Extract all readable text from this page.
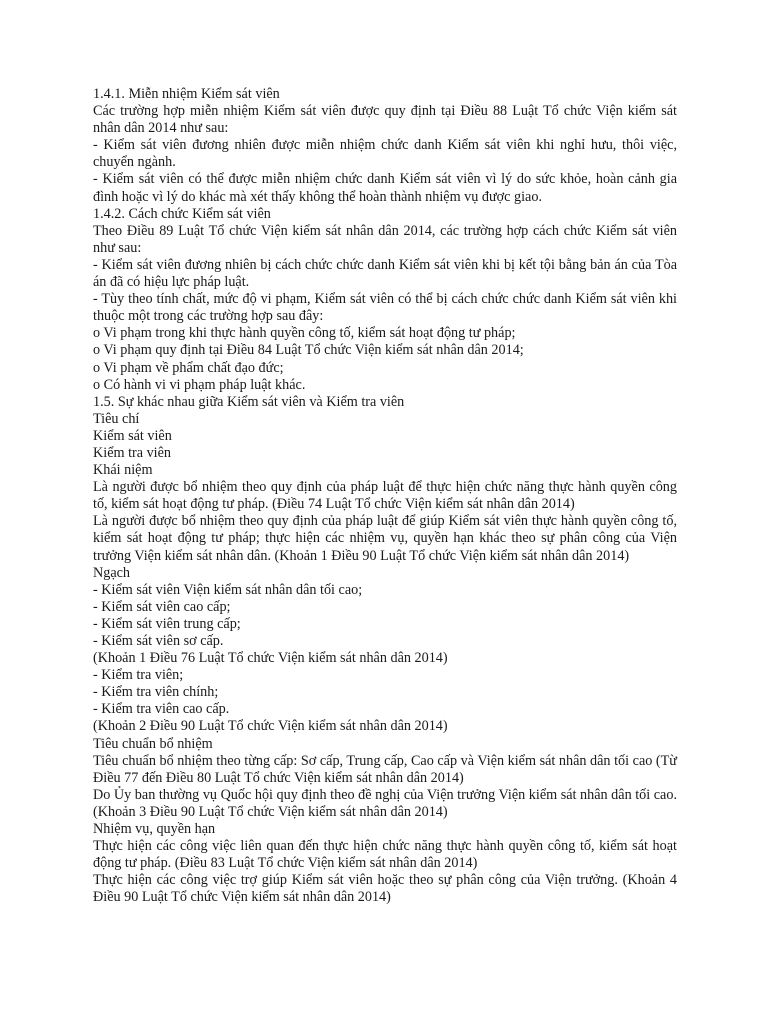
1.4.1. Miễn nhiệm Kiểm sát viên

Các trường hợp miễn nhiệm Kiểm sát viên được quy định tại Điều 88 Luật Tổ chức Viện kiểm sát nhân dân 2014 như sau:

- Kiểm sát viên đương nhiên được miễn nhiệm chức danh Kiểm sát viên khi nghỉ hưu, thôi việc, chuyển ngành.

- Kiểm sát viên có thể được miễn nhiệm chức danh Kiểm sát viên vì lý do sức khỏe, hoàn cảnh gia đình hoặc vì lý do khác mà xét thấy không thể hoàn thành nhiệm vụ được giao.

1.4.2. Cách chức Kiểm sát viên

Theo Điều 89 Luật Tổ chức Viện kiểm sát nhân dân 2014, các trường hợp cách chức Kiểm sát viên như sau:

- Kiểm sát viên đương nhiên bị cách chức chức danh Kiểm sát viên khi bị kết tội bằng bản án của Tòa án đã có hiệu lực pháp luật.

- Tùy theo tính chất, mức độ vi phạm, Kiểm sát viên có thể bị cách chức chức danh Kiểm sát viên khi thuộc một trong các trường hợp sau đây:

o Vi phạm trong khi thực hành quyền công tố, kiểm sát hoạt động tư pháp;

o Vi phạm quy định tại Điều 84 Luật Tổ chức Viện kiểm sát nhân dân 2014;

o Vi phạm về phẩm chất đạo đức;

o Có hành vi vi phạm pháp luật khác.

1.5. Sự khác nhau giữa Kiểm sát viên và Kiểm tra viên

Tiêu chí

Kiểm sát viên

Kiểm tra viên

Khái niệm

Là người được bổ nhiệm theo quy định của pháp luật để thực hiện chức năng thực hành quyền công tố, kiểm sát hoạt động tư pháp. (Điều 74 Luật Tổ chức Viện kiểm sát nhân dân 2014)

Là người được bổ nhiệm theo quy định của pháp luật để giúp Kiểm sát viên thực hành quyền công tố, kiểm sát hoạt động tư pháp; thực hiện các nhiệm vụ, quyền hạn khác theo sự phân công của Viện trưởng Viện kiểm sát nhân dân. (Khoản 1 Điều 90 Luật Tổ chức Viện kiểm sát nhân dân 2014)

Ngạch

- Kiểm sát viên Viện kiểm sát nhân dân tối cao;

- Kiểm sát viên cao cấp;

- Kiểm sát viên trung cấp;

- Kiểm sát viên sơ cấp.

(Khoản 1 Điều 76 Luật Tổ chức Viện kiểm sát nhân dân 2014)

- Kiểm tra viên;

- Kiểm tra viên chính;

- Kiểm tra viên cao cấp.

(Khoản 2 Điều 90 Luật Tổ chức Viện kiểm sát nhân dân 2014)

Tiêu chuẩn bổ nhiệm

Tiêu chuẩn bổ nhiệm theo từng cấp: Sơ cấp, Trung cấp, Cao cấp và Viện kiểm sát nhân dân tối cao (Từ Điều 77 đến Điều 80 Luật Tổ chức Viện kiểm sát nhân dân 2014)

Do Ủy ban thường vụ Quốc hội quy định theo đề nghị của Viện trưởng Viện kiểm sát nhân dân tối cao. (Khoản 3 Điều 90 Luật Tổ chức Viện kiểm sát nhân dân 2014)

Nhiệm vụ, quyền hạn

Thực hiện các công việc liên quan đến thực hiện chức năng thực hành quyền công tố, kiểm sát hoạt động tư pháp. (Điều 83 Luật Tổ chức Viện kiểm sát nhân dân 2014)

Thực hiện các công việc trợ giúp Kiểm sát viên hoặc theo sự phân công của Viện trưởng. (Khoản 4 Điều 90 Luật Tổ chức Viện kiểm sát nhân dân 2014)
